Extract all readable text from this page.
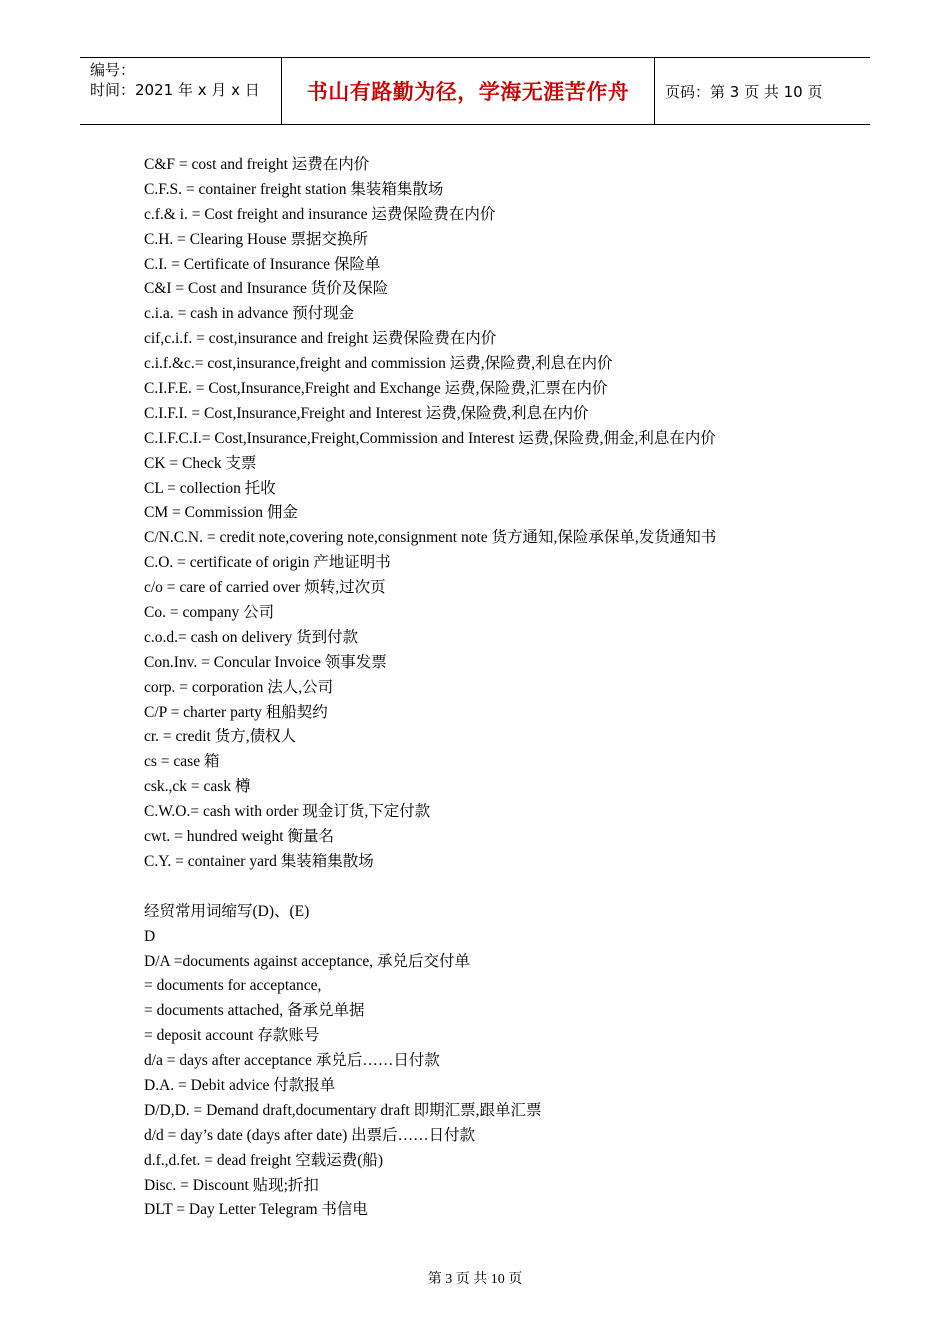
编号：
时间：2021 年 x 月 x 日	书山有路勤为径，学海无涯苦作舟	页码：第 3 页 共 10 页
C&F = cost and freight 运费在内价
C.F.S. = container freight station 集装箱集散场
c.f.& i. = Cost freight and insurance 运费保险费在内价
C.H. = Clearing House 票据交换所
C.I. = Certificate of Insurance 保险单
C&I = Cost and Insurance 货价及保险
c.i.a. = cash in advance 预付现金
cif,c.i.f. = cost,insurance and freight 运费保险费在内价
c.i.f.&c.= cost,insurance,freight and commission 运费,保险费,利息在内价
C.I.F.E. = Cost,Insurance,Freight and Exchange 运费,保险费,汇票在内价
C.I.F.I. = Cost,Insurance,Freight and Interest 运费,保险费,利息在内价
C.I.F.C.I.= Cost,Insurance,Freight,Commission and Interest 运费,保险费,佣金,利息在内价
CK = Check 支票
CL = collection 托收
CM = Commission 佣金
C/N.C.N. = credit note,covering note,consignment note 货方通知,保险承保单,发货通知书
C.O. = certificate of origin 产地证明书
c/o = care of carried over 烦转,过次页
Co. = company 公司
c.o.d.= cash on delivery 货到付款
Con.Inv. = Concular Invoice 领事发票
corp. = corporation 法人,公司
C/P = charter party 租船契约
cr. = credit 货方,债权人
cs = case 箱
csk.,ck = cask 樽
C.W.O.= cash with order 现金订货,下定付款
cwt. = hundred weight 衡量名
C.Y. = container yard 集装箱集散场
经贸常用词缩写(D)、(E)
D
D/A =documents against acceptance, 承兑后交付单
= documents for acceptance,
= documents attached, 备承兑单据
= deposit account 存款账号
d/a = days after acceptance 承兑后……日付款
D.A. = Debit advice 付款报单
D/D,D. = Demand draft,documentary draft 即期汇票,跟单汇票
d/d = day’s date (days after date) 出票后……日付款
d.f.,d.fet. = dead freight 空载运费(船)
Disc. = Discount 贴现;折扣
DLT = Day Letter Telegram 书信电
第 3 页 共 10 页
